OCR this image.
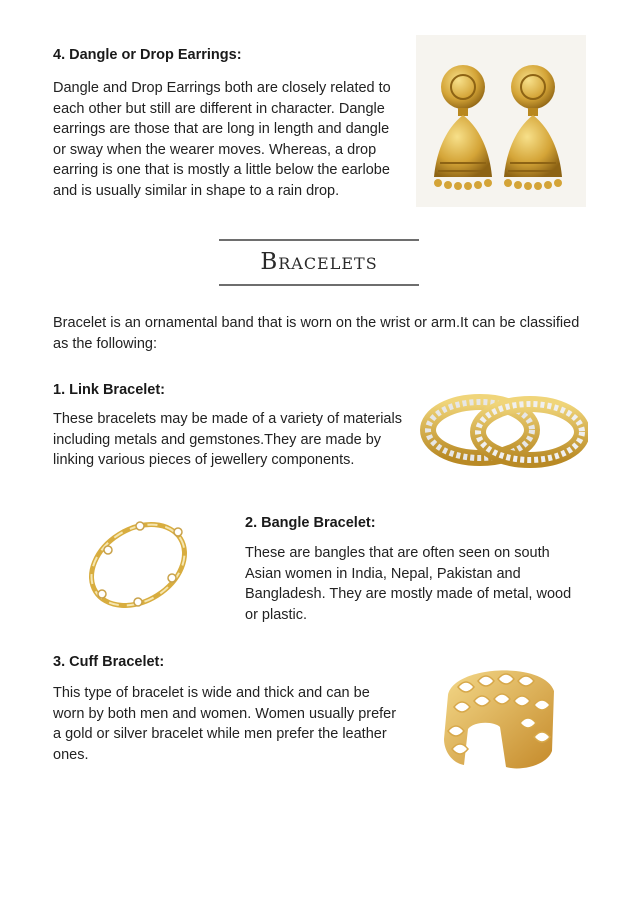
4. Dangle or Drop Earrings:
Dangle and Drop Earrings both are closely related to each other but still are different in character. Dangle earrings are those that are long in length and dangle or sway when the wearer moves. Whereas, a drop earring is one that is mostly a little below the earlobe and is usually similar in shape to a rain drop.
Bracelets
Bracelet is an ornamental band that is worn on the wrist or arm.It can be classified as the following:
1. Link Bracelet:
These bracelets may be made of a variety of materials including metals and gemstones.They are made by linking various pieces of jewellery components.
2. Bangle Bracelet:
These are bangles that are often seen on south Asian women in India, Nepal, Pakistan and Bangladesh. They are mostly made of metal, wood or plastic.
3. Cuff Bracelet:
This type of bracelet is wide and thick and can be worn by both men and women. Women usually prefer a gold or silver bracelet while men prefer the leather ones.
